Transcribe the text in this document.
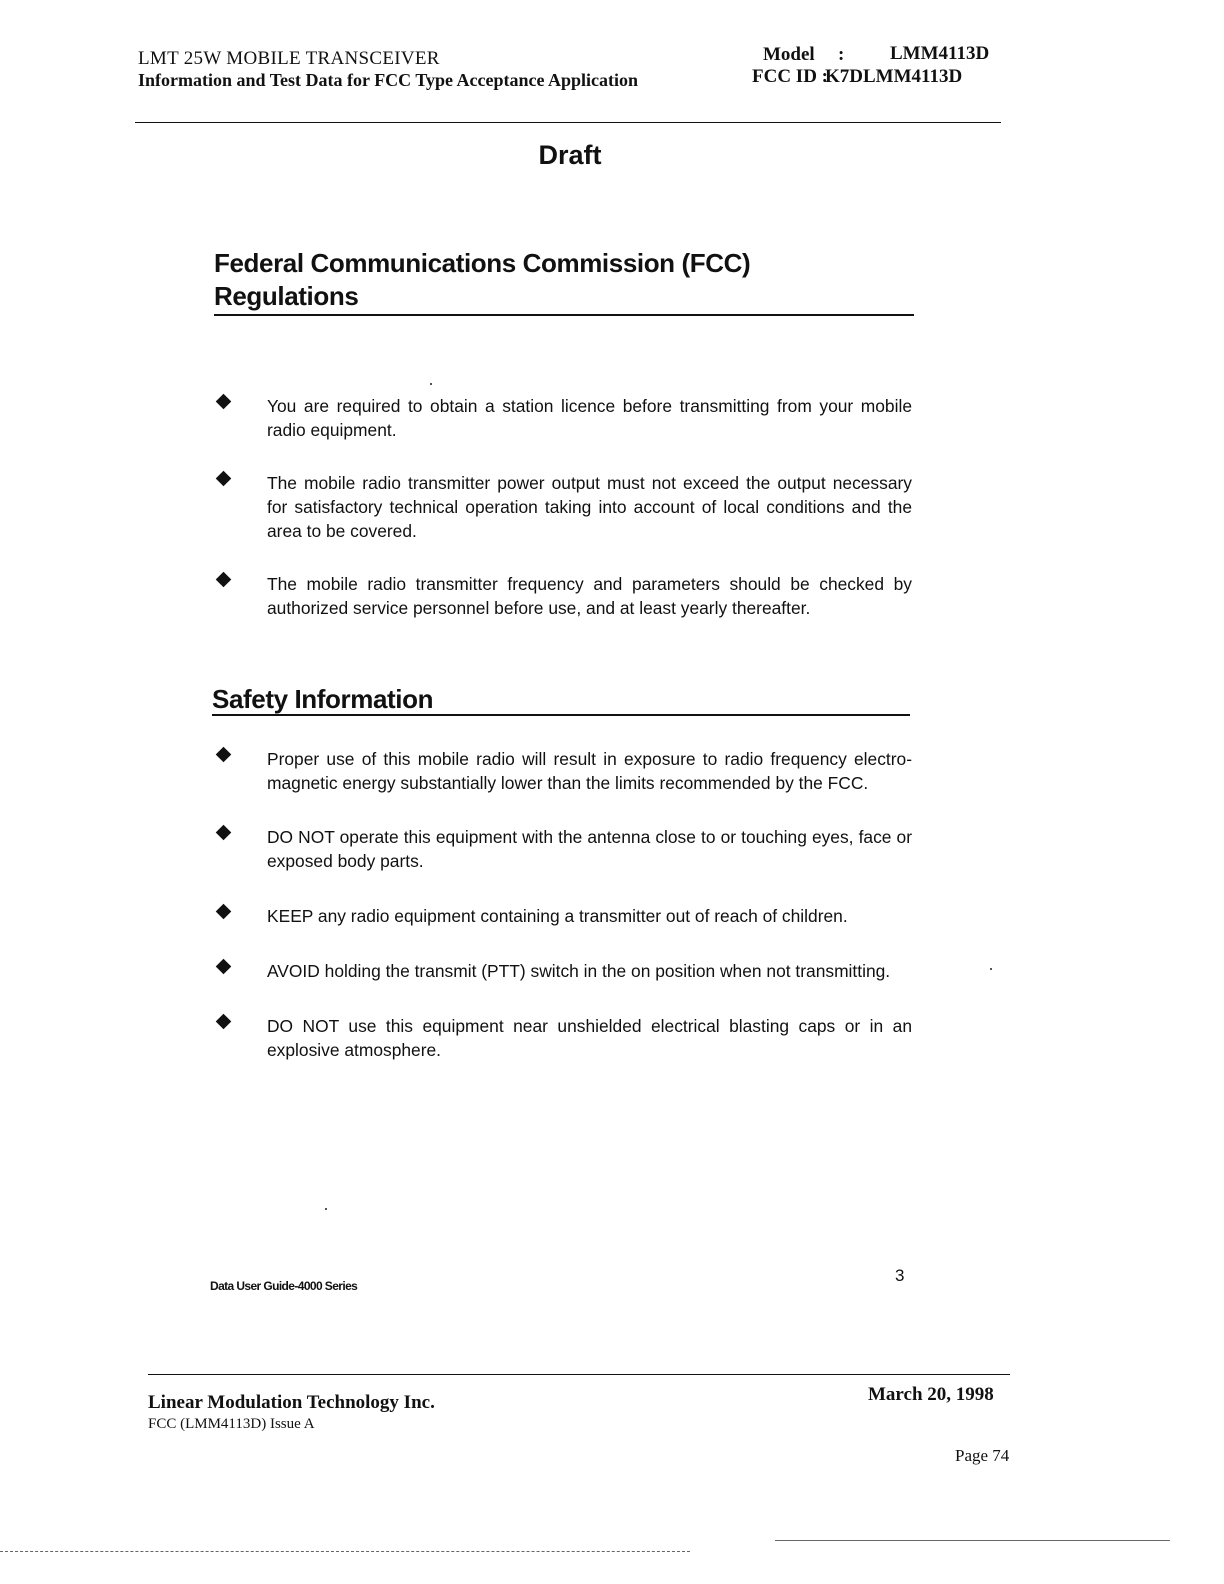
LMT 25W MOBILE TRANSCEIVER
Information and Test Data for FCC Type Acceptance Application
Model : LMM4113D
FCC ID :
K7DLMM4113D
Draft
Federal Communications Commission (FCC)
Regulations
You are required to obtain a station licence before transmitting from your mobile radio equipment.
The mobile radio transmitter power output must not exceed the output necessary for satisfactory technical operation taking into account of local conditions and the area to be covered.
The mobile radio transmitter frequency and parameters should be checked by authorized service personnel before use, and at least yearly thereafter.
Safety Information
Proper use of this mobile radio will result in exposure to radio frequency electro-magnetic energy substantially lower than the limits recommended by the FCC.
DO NOT operate this equipment with the antenna close to or touching eyes, face or exposed body parts.
KEEP any radio equipment containing a transmitter out of reach of children.
AVOID holding the transmit (PTT) switch in the on position when not transmitting.
DO NOT use this equipment near unshielded electrical blasting caps or in an explosive atmosphere.
Data User Guide-4000 Series
3
Linear Modulation Technology Inc.
FCC (LMM4113D) Issue A
March 20, 1998
Page 74
